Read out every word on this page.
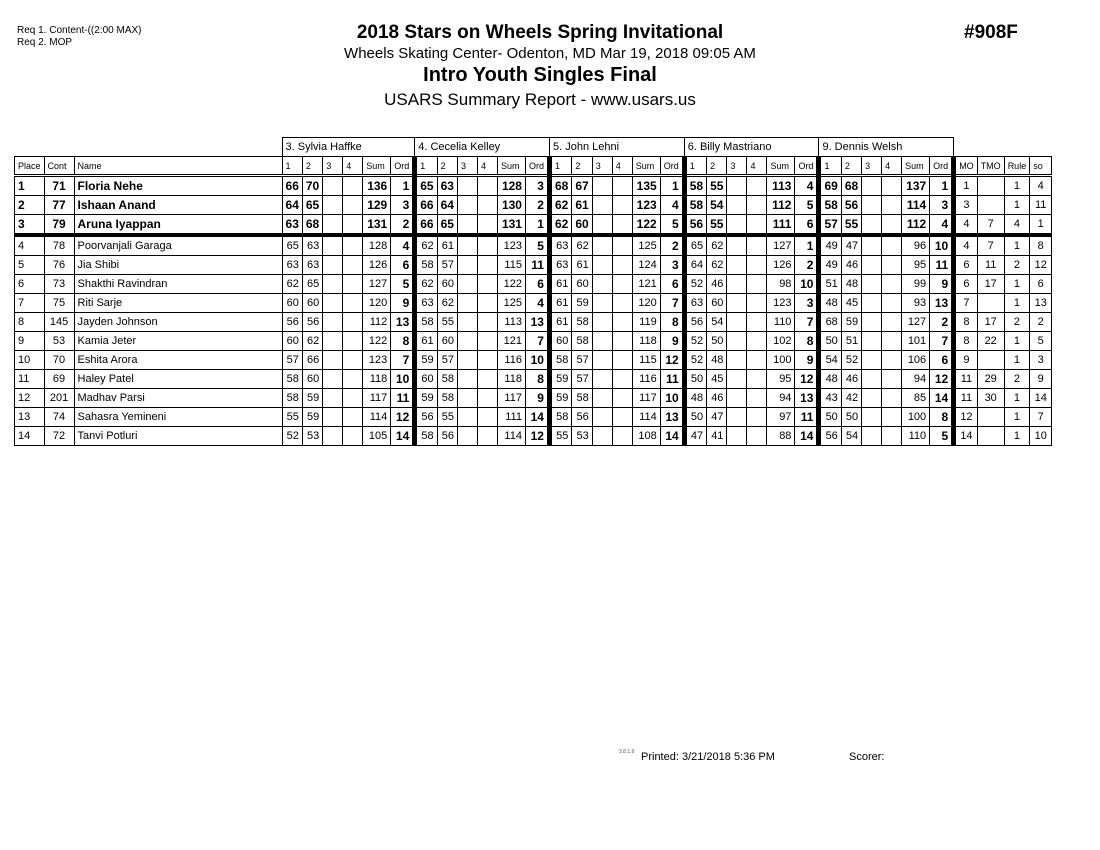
Req 1. Content-((2:00 MAX)
Req 2. MOP	2018 Stars on Wheels Spring Invitational
Wheels Skating Center- Odenton, MD Mar 19, 2018 09:05 AM
Intro Youth Singles Final
USARS Summary Report - www.usars.us
#908F
			3. Sylvia Haffke						4. Cecelia Kelley						5. John Lehni						6. Billy Mastriano						9. Dennis Welsh									
Place	Cont	Name	1	2	3	4	Sum	Ord	1	2	3	4	Sum	Ord	1	2	3	4	Sum	Ord	1	2	3	4	Sum	Ord	1	2	3	4	Sum	Ord	MO	TMO	Rule	so
1	71	Floria Nehe	66	70			136	1	65	63			128	3	68	67			135	1	58	55			113	4	69	68			137	1	1		1	4
2	77	Ishaan Anand	64	65			129	3	66	64			130	2	62	61			123	4	58	54			112	5	58	56			114	3	3		1	11
3	79	Aruna Iyappan	63	68			131	2	66	65			131	1	62	60			122	5	56	55			111	6	57	55			112	4	4	7	4	1
4	78	Poorvanjali Garaga	65	63			128	4	62	61			123	5	63	62			125	2	65	62			127	1	49	47			96	10	4	7	1	8
5	76	Jia Shibi	63	63			126	6	58	57			115	11	63	61			124	3	64	62			126	2	49	46			95	11	6	11	2	12
6	73	Shakthi Ravindran	62	65			127	5	62	60			122	6	61	60			121	6	52	46			98	10	51	48			99	9	6	17	1	6
7	75	Riti Sarje	60	60			120	9	63	62			125	4	61	59			120	7	63	60			123	3	48	45			93	13	7		1	13
8	145	Jayden Johnson	56	56			112	13	58	55			113	13	61	58			119	8	56	54			110	7	68	59			127	2	8	17	2	2
9	53	Kamia Jeter	60	62			122	8	61	60			121	7	60	58			118	9	52	50			102	8	50	51			101	7	8	22	1	5
10	70	Eshita Arora	57	66			123	7	59	57			116	10	58	57			115	12	52	48			100	9	54	52			106	6	9		1	3
11	69	Haley Patel	58	60			118	10	60	58			118	8	59	57			116	11	50	45			95	12	48	46			94	12	11	29	2	9
12	201	Madhav Parsi	58	59			117	11	59	58			117	9	59	58			117	10	48	46			94	13	43	42			85	14	11	30	1	14
13	74	Sahasra Yemineni	55	59			114	12	56	55			111	14	58	56			114	13	50	47			97	11	50	50			100	8	12		1	7
14	72	Tanvi Potluri	52	53			105	14	58	56			114	12	55	53			108	14	47	41			88	14	56	54			110	5	14		1	10
3.8.1.9 Printed: 3/21/2018 5:36 PM	Scorer:
